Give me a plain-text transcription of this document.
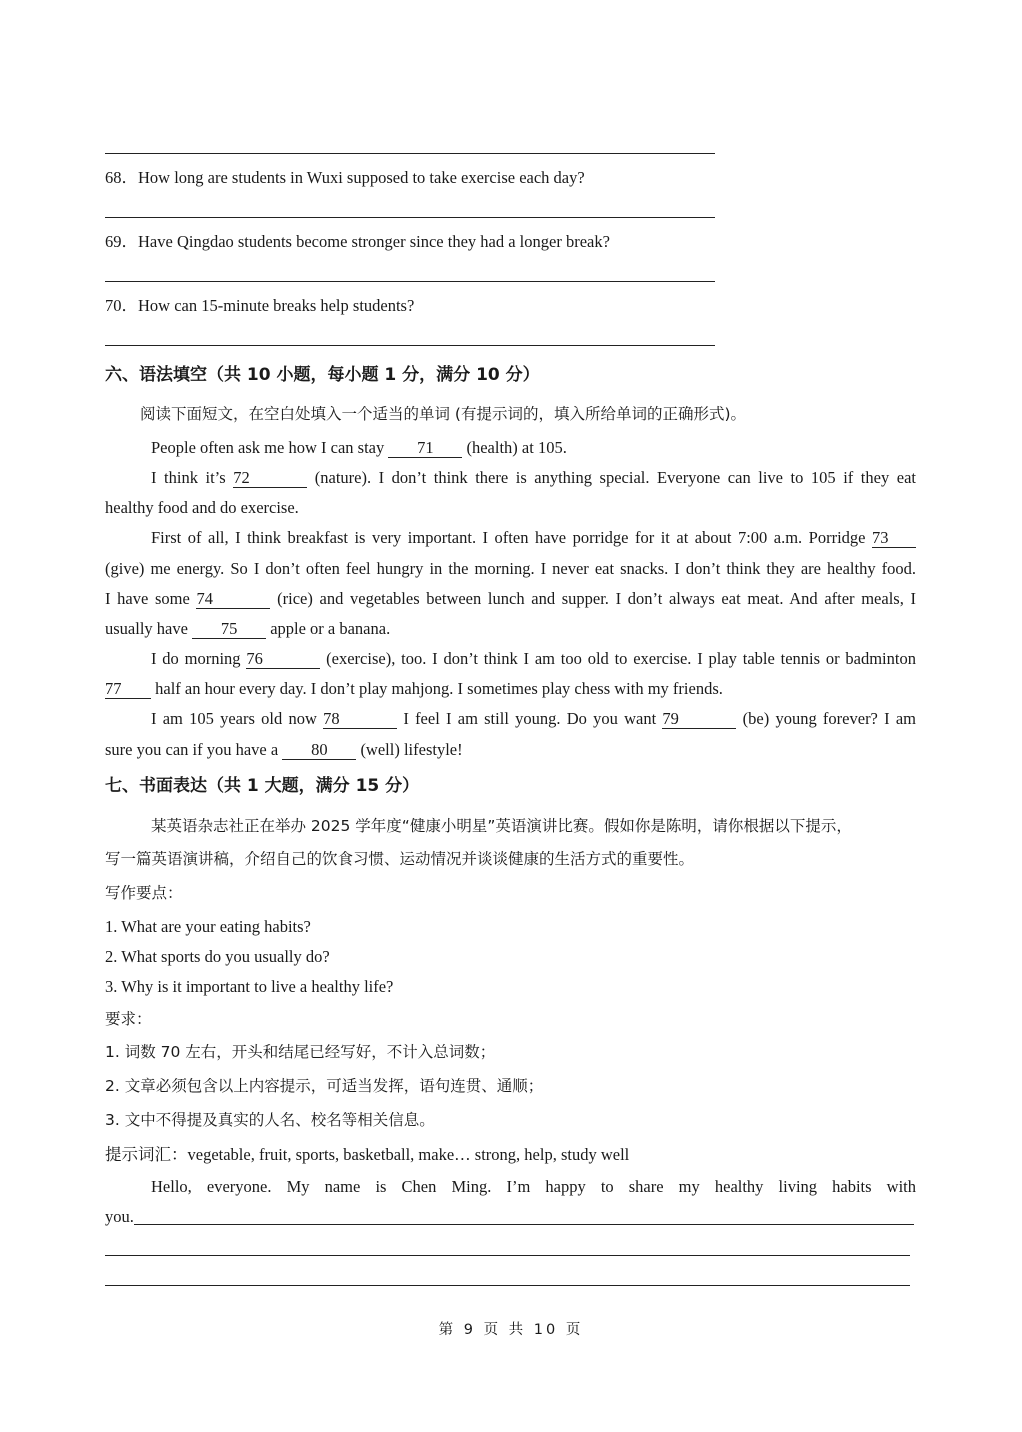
68．How long are students in Wuxi supposed to take exercise each day?
69．Have Qingdao students become stronger since they had a longer break?
70．How can 15-minute breaks help students?
六、语法填空（共 10 小题，每小题 1 分，满分 10 分）
阅读下面短文，在空白处填入一个适当的单词 (有提示词的，填入所给单词的正确形式)。
People often ask me how I can stay 71 (health) at 105.
I think it’s 72	(nature). I don’t think there is anything special. Everyone can live to 105 if they eat
healthy food and do exercise.
First of all, I think breakfast is very important. I often have porridge for it at about 7:00 a.m. Porridge 73
(give) me energy. So I don’t often feel hungry in the morning. I never eat snacks. I don’t think they are healthy food.
I have some 74	(rice) and vegetables between lunch and supper. I don’t always eat meat. And after meals, I
usually have 75 apple or a banana.
I do morning 76	(exercise), too. I don’t think I am too old to exercise. I play table tennis or badminton
77 half an hour every day. I don’t play mahjong. I sometimes play chess with my friends.
I am 105 years old now 78	I feel I am still young. Do you want 79	(be) young forever? I am
sure you can if you have a 80 (well) lifestyle!
七、书面表达（共 1 大题，满分 15 分）
某英语杂志社正在举办 2025 学年度“健康小明星”英语演讲比赛。假如你是陈明，请你根据以下提示，
写一篇英语演讲稿，介绍自己的饮食习惯、运动情况并谈谈健康的生活方式的重要性。
写作要点：
1. What are your eating habits?
2. What sports do you usually do?
3. Why is it important to live a healthy life?
要求：
1. 词数 70 左右，开头和结尾已经写好，不计入总词数；
2. 文章必须包含以上内容提示，可适当发挥，语句连贯、通顺；
3. 文中不得提及真实的人名、校名等相关信息。
提示词汇：vegetable, fruit, sports, basketball, make… strong, help, study well
Hello, everyone. My name is Chen Ming. I’m happy to share my healthy living habits with
you.
第 9 页 共 10 页
